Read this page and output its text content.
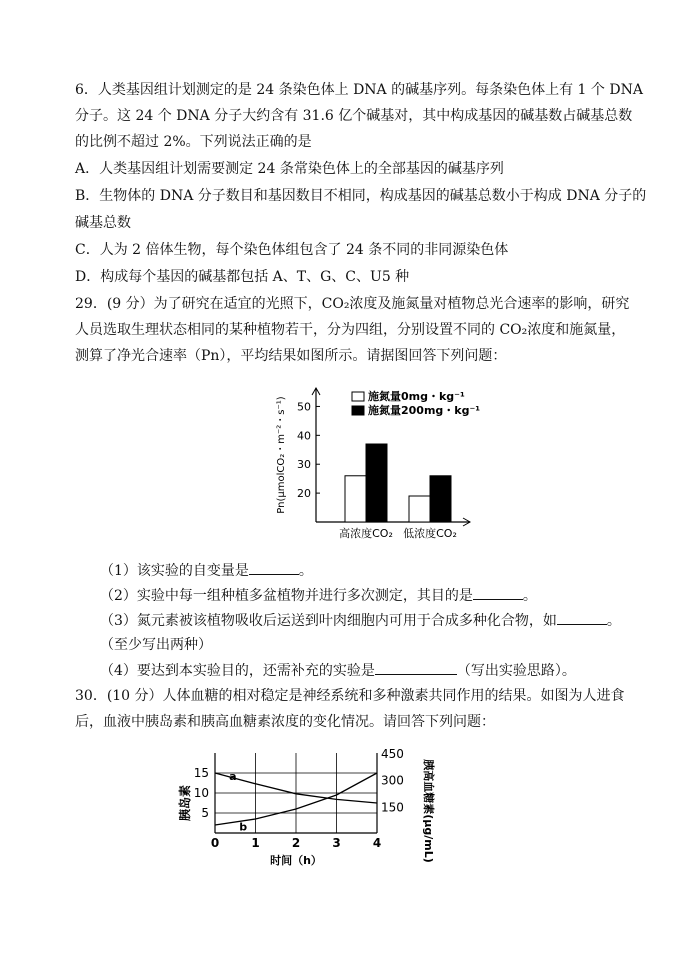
6．人类基因组计划测定的是 24 条染色体上 DNA 的碱基序列。每条染色体上有 1 个 DNA
分子。这 24 个 DNA 分子大约含有 31.6 亿个碱基对，其中构成基因的碱基数占碱基总数
的比例不超过 2%。下列说法正确的是
A．人类基因组计划需要测定 24 条常染色体上的全部基因的碱基序列
B．生物体的 DNA 分子数目和基因数目不相同，构成基因的碱基总数小于构成 DNA 分子的
碱基总数
C．人为 2 倍体生物，每个染色体组包含了 24 条不同的非同源染色体
D．构成每个基因的碱基都包括 A、T、G、C、U5 种
29．(9 分）为了研究在适宜的光照下，CO₂浓度及施氮量对植物总光合速率的影响，研究
人员选取生理状态相同的某种植物若干，分为四组，分别设置不同的 CO₂浓度和施氮量，
测算了净光合速率（Pn），平均结果如图所示。请据图回答下列问题：
20
30
40
50
Pn(μmolCO₂・m⁻²・s⁻¹)
高浓度CO₂ 低浓度CO₂
施氮量0mg・kg⁻¹
施氮量200mg・kg⁻¹
（1）该实验的自变量是	。
（2）实验中每一组种植多盆植物并进行多次测定，其目的是	。
（3）氮元素被该植物吸收后运送到叶肉细胞内可用于合成多种化合物，如	。
（至少写出两种）
（4）要达到本实验目的，还需补充的实验是	（写出实验思路）。
30．(10 分）人体血糖的相对稳定是神经系统和多种激素共同作用的结果。如图为人进食
后，血液中胰岛素和胰高血糖素浓度的变化情况。请回答下列问题：
5
10
15
150
300
450
0	1	2	3	4
时间（h）
胰岛素	胰高血糖素(μg/mL)
a
b
